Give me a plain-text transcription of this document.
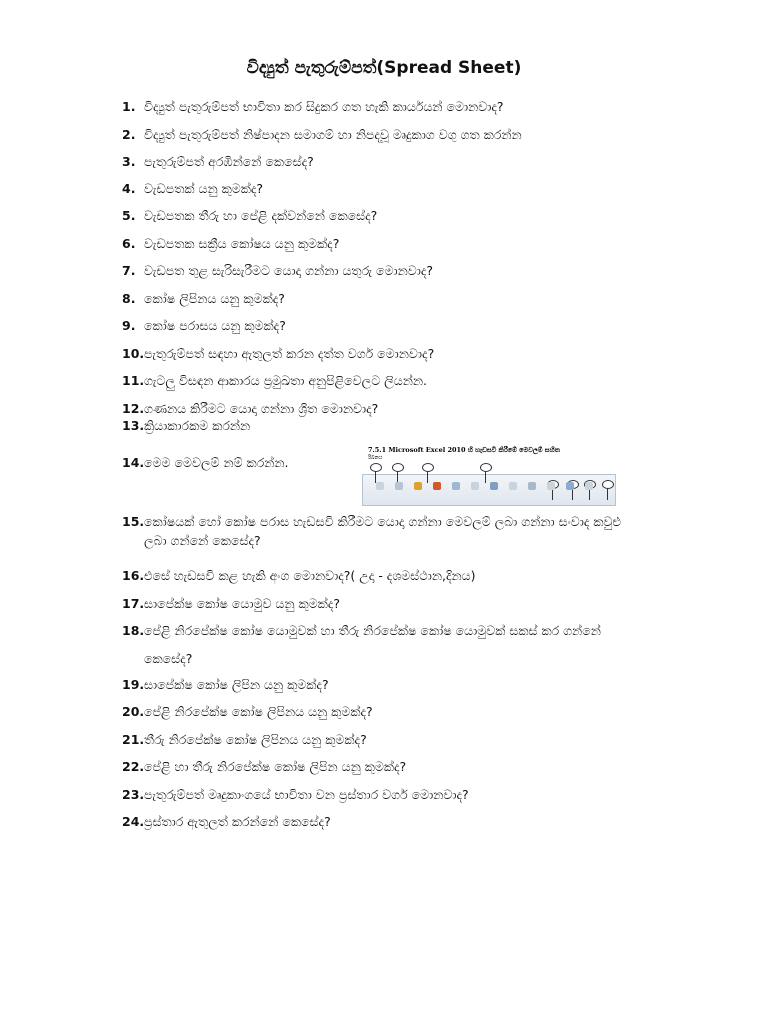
විද්‍යුත් පැතුරුම්පත්(Spread Sheet)
1. විද්‍යුත් පැතුරුම්පත් භාවිතා කර සිදුකර ගත හැකි කාර්යයන් මොනවාද?
2. විද්‍යුත් පැතුරුම්පත් නිෂ්පාදන සමාගම් හා නිපදවූ මෘදුකාග වගු ගත කරන්න
3. පැතුරුම්පත් අරඹින්නේ කෙසේද?
4. වැඩපතක් යනු කුමක්ද?
5. වැඩපතක තීරු හා පේළි දක්වන්නේ කෙසේද?
6. වැඩපතක සක්‍රීය කෝෂය යනු කුමක්ද?
7. වැඩපත තුළ සැරිසැරීමට යොදා ගන්නා යතුරු මොනවාද?
8. කෝෂ ලිපිනය යනු කුමක්ද?
9. කෝෂ පරාසය යනු කුමක්ද?
10.පැතුරුම්පත් සඳහා ඇතුලත් කරන දත්ත වර්ග මොනවාද?
11.ගැටලු විසඳන ආකාරය ප්‍රමුඛතා අනුපිළිවෙලට ලියන්න.
12.ගණනය කිරීමට යොදා ගන්නා ශ්‍රිත මොනවාද?
13.ක්‍රියාකාරකම කරන්න
14.මෙම මෙවලම් නම් කරන්න.
15.කෝෂයක් හෝ කෝෂ පරාස හැඩසවි කිරීමට යොදා ගන්නා මෙවලම් ලබා ගන්නා සංවාද කවුළු
ලබා ගන්නේ කෙසේද?
16.එසේ හැඩසවි කළ හැකි අංග මොනවාද?( උදා - දශමස්ථාන,දිනය)
17.සාපේක්ෂ කෝෂ යොමුව යනු කුමක්ද?
18.පේළි නිරපේක්ෂ කෝෂ යොමුවක් හා තීරු නිරපේක්ෂ කෝෂ යොමුවක් සකස් කර ගන්නේ
කෙසේද?
19.සාපේක්ෂ කෝෂ ලිපින යනු කුමක්ද?
20.පේළි නිරපේක්ෂ කෝෂ ලිපිනය යනු කුමක්ද?
21.තීරු නිරපේක්ෂ කෝෂ ලිපිනය යනු කුමක්ද?
22.පේළි හා තීරු නිරපේක්ෂ කෝෂ ලිපින යනු කුමක්ද?
23.පැතුරුම්පත් මෘදුකාංගයේ භාවිතා වන ප්‍රස්තාර වර්ග මොනවාද?
24.ප්‍රස්තාර ඇතුලත් කරන්නේ කෙසේද?
7.5.1 Microsoft Excel 2010 හි හැඩසවි කිරීමේ මෙවලම් සහිත
රිබනය
